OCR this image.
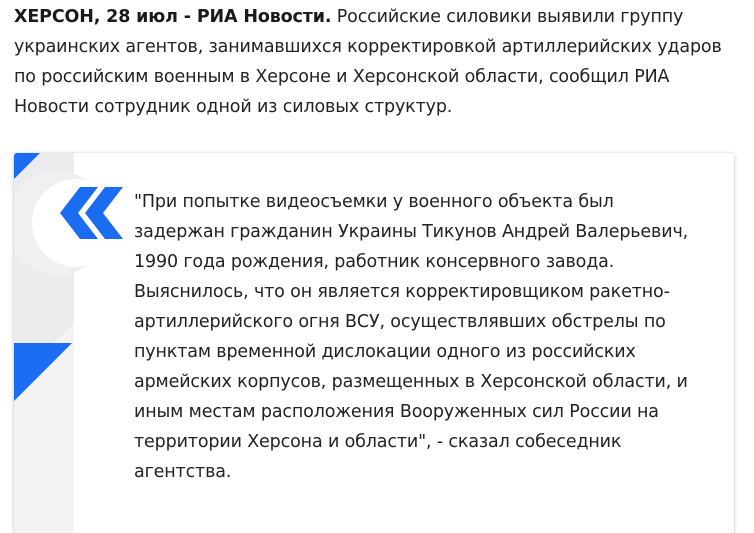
ХЕРСОН, 28 июл - РИА Новости. Российские силовики выявили группу украинских агентов, занимавшихся корректировкой артиллерийских ударов по российским военным в Херсоне и Херсонской области, сообщил РИА Новости сотрудник одной из силовых структур.
"При попытке видеосъемки у военного объекта был задержан гражданин Украины Тикунов Андрей Валерьевич, 1990 года рождения, работник консервного завода. Выяснилось, что он является корректировщиком ракетно-артиллерийского огня ВСУ, осуществлявших обстрелы по пунктам временной дислокации одного из российских армейских корпусов, размещенных в Херсонской области, и иным местам расположения Вооруженных сил России на территории Херсона и области", - сказал собеседник агентства.
